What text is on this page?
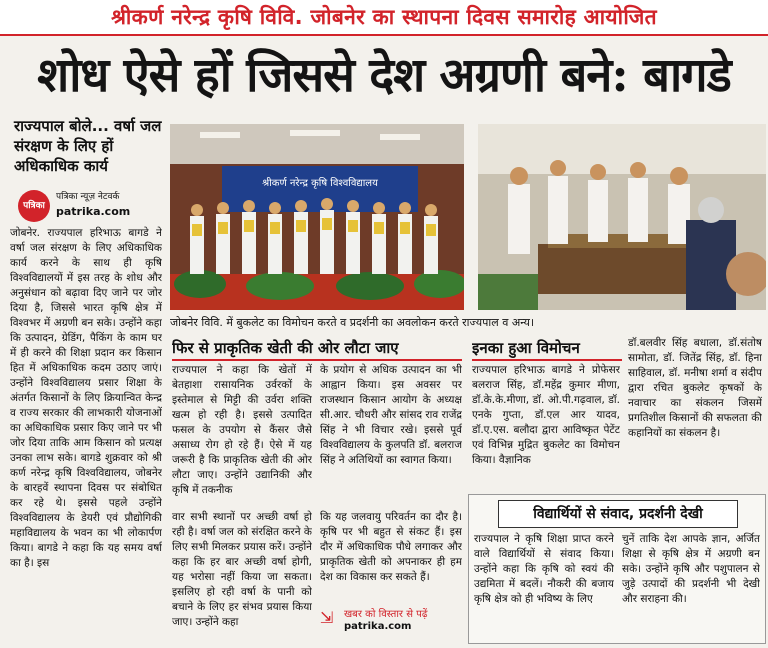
श्रीकर्ण नरेन्द्र कृषि विवि. जोबनेर का स्थापना दिवस समारोह आयोजित
शोध ऐसे हों जिससे देश अग्रणी बने: बागडे
राज्यपाल बोले... वर्षा जल संरक्षण के लिए हों अधिकाधिक कार्य
पत्रिका
पत्रिका न्यूज़ नेटवर्क
patrika.com
श्रीकर्ण नरेन्द्र कृषि विश्वविद्यालय
जोबनेर विवि. में बुकलेट का विमोचन करते व प्रदर्शनी का अवलोकन करते राज्यपाल व अन्य।
जोबनेर. राज्यपाल हरिभाऊ बागडे ने वर्षा जल संरक्षण के लिए अधिकाधिक कार्य करने के साथ ही कृषि विश्वविद्यालयों में इस तरह के शोध और अनुसंधान को बढ़ावा दिए जाने पर जोर दिया है, जिससे भारत कृषि क्षेत्र में विश्वभर में अग्रणी बन सके। उन्होंने कहा कि उत्पादन, ग्रेडिंग, पैकिंग के काम घर में ही करने की शिक्षा प्रदान कर किसान हित में अधिकाधिक कदम उठाए जाएं। उन्होंने विश्वविद्यालय प्रसार शिक्षा के अंतर्गत किसानों के लिए क्रियान्वित केन्द्र व राज्य सरकार की लाभकारी योजनाओं का अधिकाधिक प्रसार किए जाने पर भी जोर दिया ताकि आम किसान को प्रत्यक्ष उनका लाभ सके। बागडे शुक्रवार को श्री कर्ण नरेन्द्र कृषि विश्वविद्यालय, जोबनेर के बारहवें स्थापना दिवस पर संबोधित कर रहे थे। इससे पहले उन्होंने विश्वविद्यालय के डेयरी एवं प्रौद्योगिकी महाविद्यालय के भवन का भी लोकार्पण किया। बागडे ने कहा कि यह समय वर्षा का है। इस
फिर से प्राकृतिक खेती की ओर लौटा जाए
राज्यपाल ने कहा कि खेतों में बेतहाशा रासायनिक उर्वरकों के इस्तेमाल से मिट्टी की उर्वरा शक्ति खत्म हो रही है। इससे उत्पादित फसल के उपयोग से कैंसर जैसे असाध्य रोग हो रहे हैं। ऐसे में यह जरूरी है कि प्राकृतिक खेती की ओर लौटा जाए। उन्होंने उद्यानिकी और कृषि में तकनीक
के प्रयोग से अधिक उत्पादन का भी आह्वान किया। इस अवसर पर राजस्थान किसान आयोग के अध्यक्ष सी.आर. चौधरी और सांसद राव राजेंद्र सिंह ने भी विचार रखे। इससे पूर्व विश्वविद्यालय के कुलपति डॉ. बलराज सिंह ने अतिथियों का स्वागत किया।
वार सभी स्थानों पर अच्छी वर्षा हो रही है। वर्षा जल को संरक्षित करने के लिए सभी मिलकर प्रयास करें। उन्होंने कहा कि हर बार अच्छी वर्षा होगी, यह भरोसा नहीं किया जा सकता। इसलिए हो रही वर्षा के पानी को बचाने के लिए हर संभव प्रयास किया जाए। उन्होंने कहा
कि यह जलवायु परिवर्तन का दौर है। कृषि पर भी बहुत से संकट हैं। इस दौर में अधिकाधिक पौधे लगाकर और प्राकृतिक खेती को अपनाकर ही हम देश का विकास कर सकते हैं।
⇲ खबर को विस्तार से पढ़ें
patrika.com
इनका हुआ विमोचन
राज्यपाल हरिभाऊ बागडे ने प्रोफेसर बलराज सिंह, डॉ.महेंद्र कुमार मीणा, डॉ.के.के.मीणा, डॉ. ओ.पी.गढ़वाल, डॉ. एनके गुप्ता, डॉ.एल आर यादव, डॉ.ए.एस. बलौदा द्वारा आविष्कृत पेटेंट एवं विभिन्न मुद्रित बुकलेट का विमोचन किया। वैज्ञानिक
डॉ.बलवीर सिंह बधाला, डॉ.संतोष सामोता, डॉ. जितेंद्र सिंह, डॉ. हिना साहिवाल, डॉ. मनीषा शर्मा व संदीप द्वारा रचित बुकलेट कृषकों के नवाचार का संकलन जिसमें प्रगतिशील किसानों की सफलता की कहानियों का संकलन है।
विद्यार्थियों से संवाद, प्रदर्शनी देखी
राज्यपाल ने कृषि शिक्षा प्राप्त करने वाले विद्यार्थियों से संवाद किया। उन्होंने कहा कि कृषि को स्वयं की उद्यमिता में बदलें। नौकरी की बजाय कृषि क्षेत्र को ही भविष्य के लिए
चुनें ताकि देश आपके ज्ञान, अर्जित शिक्षा से कृषि क्षेत्र में अग्रणी बन सके। उन्होंने कृषि और पशुपालन से जुड़े उत्पादों की प्रदर्शनी भी देखी और सराहना की।
